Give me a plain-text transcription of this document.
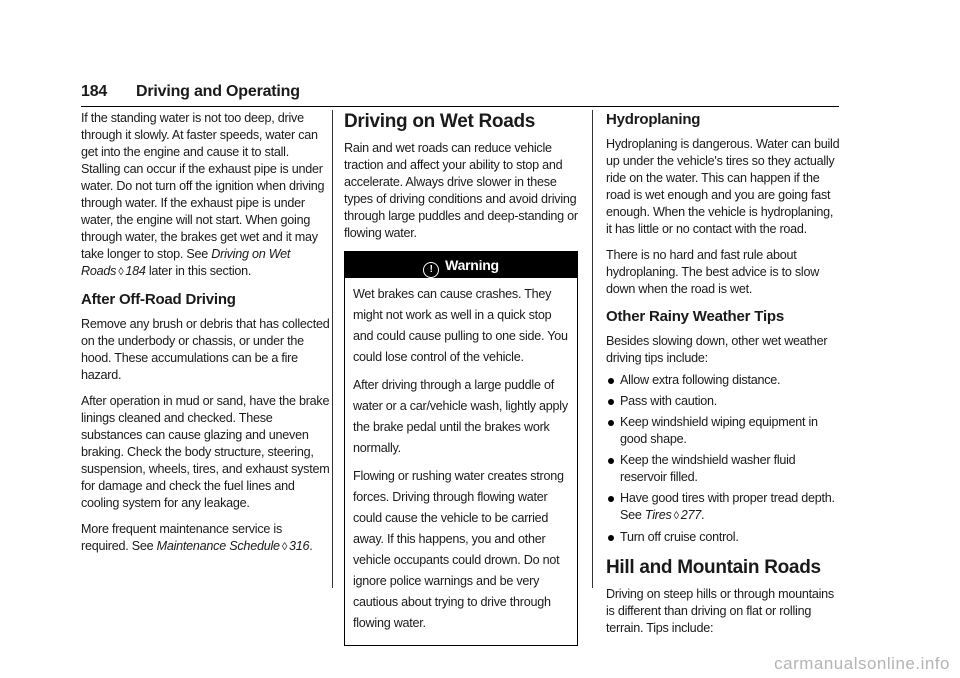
184 Driving and Operating

If the standing water is not too deep, drive through it slowly. At faster speeds, water can get into the engine and cause it to stall. Stalling can occur if the exhaust pipe is under water. Do not turn off the ignition when driving through water. If the exhaust pipe is under water, the engine will not start. When going through water, the brakes get wet and it may take longer to stop. See Driving on Wet Roads ◊ 184 later in this section.

After Off-Road Driving

Remove any brush or debris that has collected on the underbody or chassis, or under the hood. These accumulations can be a fire hazard.

After operation in mud or sand, have the brake linings cleaned and checked. These substances can cause glazing and uneven braking. Check the body structure, steering, suspension, wheels, tires, and exhaust system for damage and check the fuel lines and cooling system for any leakage.

More frequent maintenance service is required. See Maintenance Schedule ◊ 316.

Driving on Wet Roads

Rain and wet roads can reduce vehicle traction and affect your ability to stop and accelerate. Always drive slower in these types of driving conditions and avoid driving through large puddles and deep-standing or flowing water.

! Warning

Wet brakes can cause crashes. They might not work as well in a quick stop and could cause pulling to one side. You could lose control of the vehicle.

After driving through a large puddle of water or a car/vehicle wash, lightly apply the brake pedal until the brakes work normally.

Flowing or rushing water creates strong forces. Driving through flowing water could cause the vehicle to be carried away. If this happens, you and other vehicle occupants could drown. Do not ignore police warnings and be very cautious about trying to drive through flowing water.

Hydroplaning

Hydroplaning is dangerous. Water can build up under the vehicle's tires so they actually ride on the water. This can happen if the road is wet enough and you are going fast enough. When the vehicle is hydroplaning, it has little or no contact with the road.

There is no hard and fast rule about hydroplaning. The best advice is to slow down when the road is wet.

Other Rainy Weather Tips

Besides slowing down, other wet weather driving tips include:

Allow extra following distance.
Pass with caution.
Keep windshield wiping equipment in good shape.
Keep the windshield washer fluid reservoir filled.
Have good tires with proper tread depth. See Tires ◊ 277.
Turn off cruise control.
Hill and Mountain Roads

Driving on steep hills or through mountains is different than driving on flat or rolling terrain. Tips include:

carmanualsonline.info
